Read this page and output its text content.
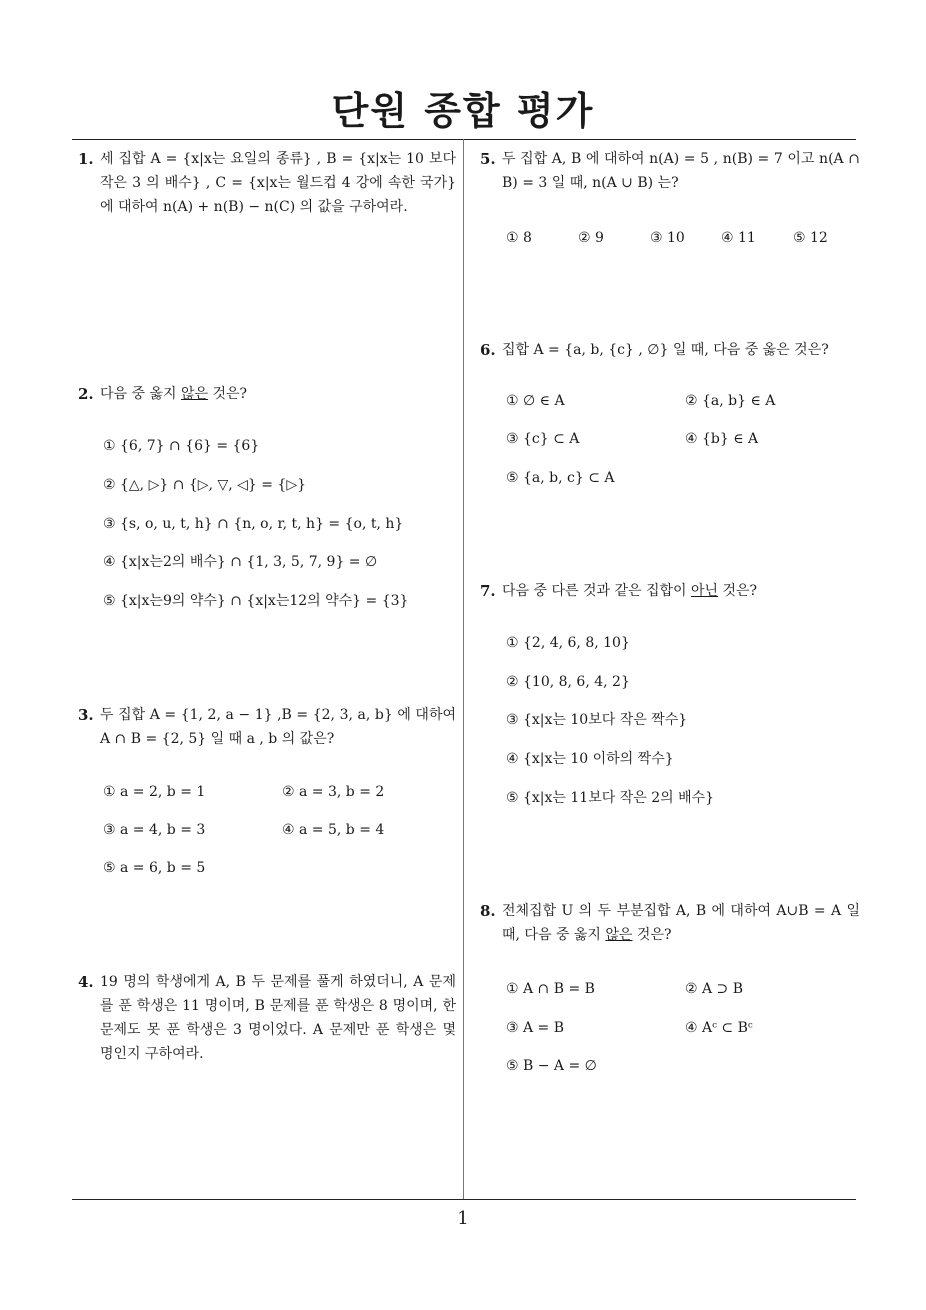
단원 종합 평가
1. 세 집합 A = {x|x는 요일의 종류} , B = {x|x는 10 보다 작은 3 의 배수} , C = {x|x는 월드컵 4 강에 속한 국가} 에 대하여 n(A) + n(B) − n(C) 의 값을 구하여라.
2. 다음 중 옳지 않은 것은?
① {6, 7} ∩ {6} = {6}
② {△, ▷} ∩ {▷, ▽, ◁} = {▷}
③ {s, o, u, t, h} ∩ {n, o, r, t, h} = {o, t, h}
④ {x|x는2의 배수} ∩ {1, 3, 5, 7, 9} = ∅
⑤ {x|x는9의 약수} ∩ {x|x는12의 약수} = {3}
3. 두 집합 A = {1, 2, a − 1} ,B = {2, 3, a, b} 에 대하여 A ∩ B = {2, 5} 일 때 a , b 의 값은?
① a = 2, b = 1	② a = 3, b = 2
③ a = 4, b = 3	④ a = 5, b = 4
⑤ a = 6, b = 5
4. 19 명의 학생에게 A, B 두 문제를 풀게 하였더니, A 문제를 푼 학생은 11 명이며, B 문제를 푼 학생은 8 명이며, 한 문제도 못 푼 학생은 3 명이었다. A 문제만 푼 학생은 몇 명인지 구하여라.
5. 두 집합 A, B 에 대하여 n(A) = 5 , n(B) = 7 이고 n(A ∩ B) = 3 일 때, n(A ∪ B) 는?
① 8	② 9	③ 10	④ 11	⑤ 12
6. 집합 A = {a, b, {c} , ∅} 일 때, 다음 중 옳은 것은?
① ∅ ∈ A	② {a, b} ∈ A
③ {c} ⊂ A	④ {b} ∈ A
⑤ {a, b, c} ⊂ A
7. 다음 중 다른 것과 같은 집합이 아닌 것은?
① {2, 4, 6, 8, 10}
② {10, 8, 6, 4, 2}
③ {x|x는 10보다 작은 짝수}
④ {x|x는 10 이하의 짝수}
⑤ {x|x는 11보다 작은 2의 배수}
8. 전체집합 U 의 두 부분집합 A, B 에 대하여 A∪B = A 일 때, 다음 중 옳지 않은 것은?
① A ∩ B = B	② A ⊃ B
③ A = B	④ Aᶜ ⊂ Bᶜ
⑤ B − A = ∅
1
